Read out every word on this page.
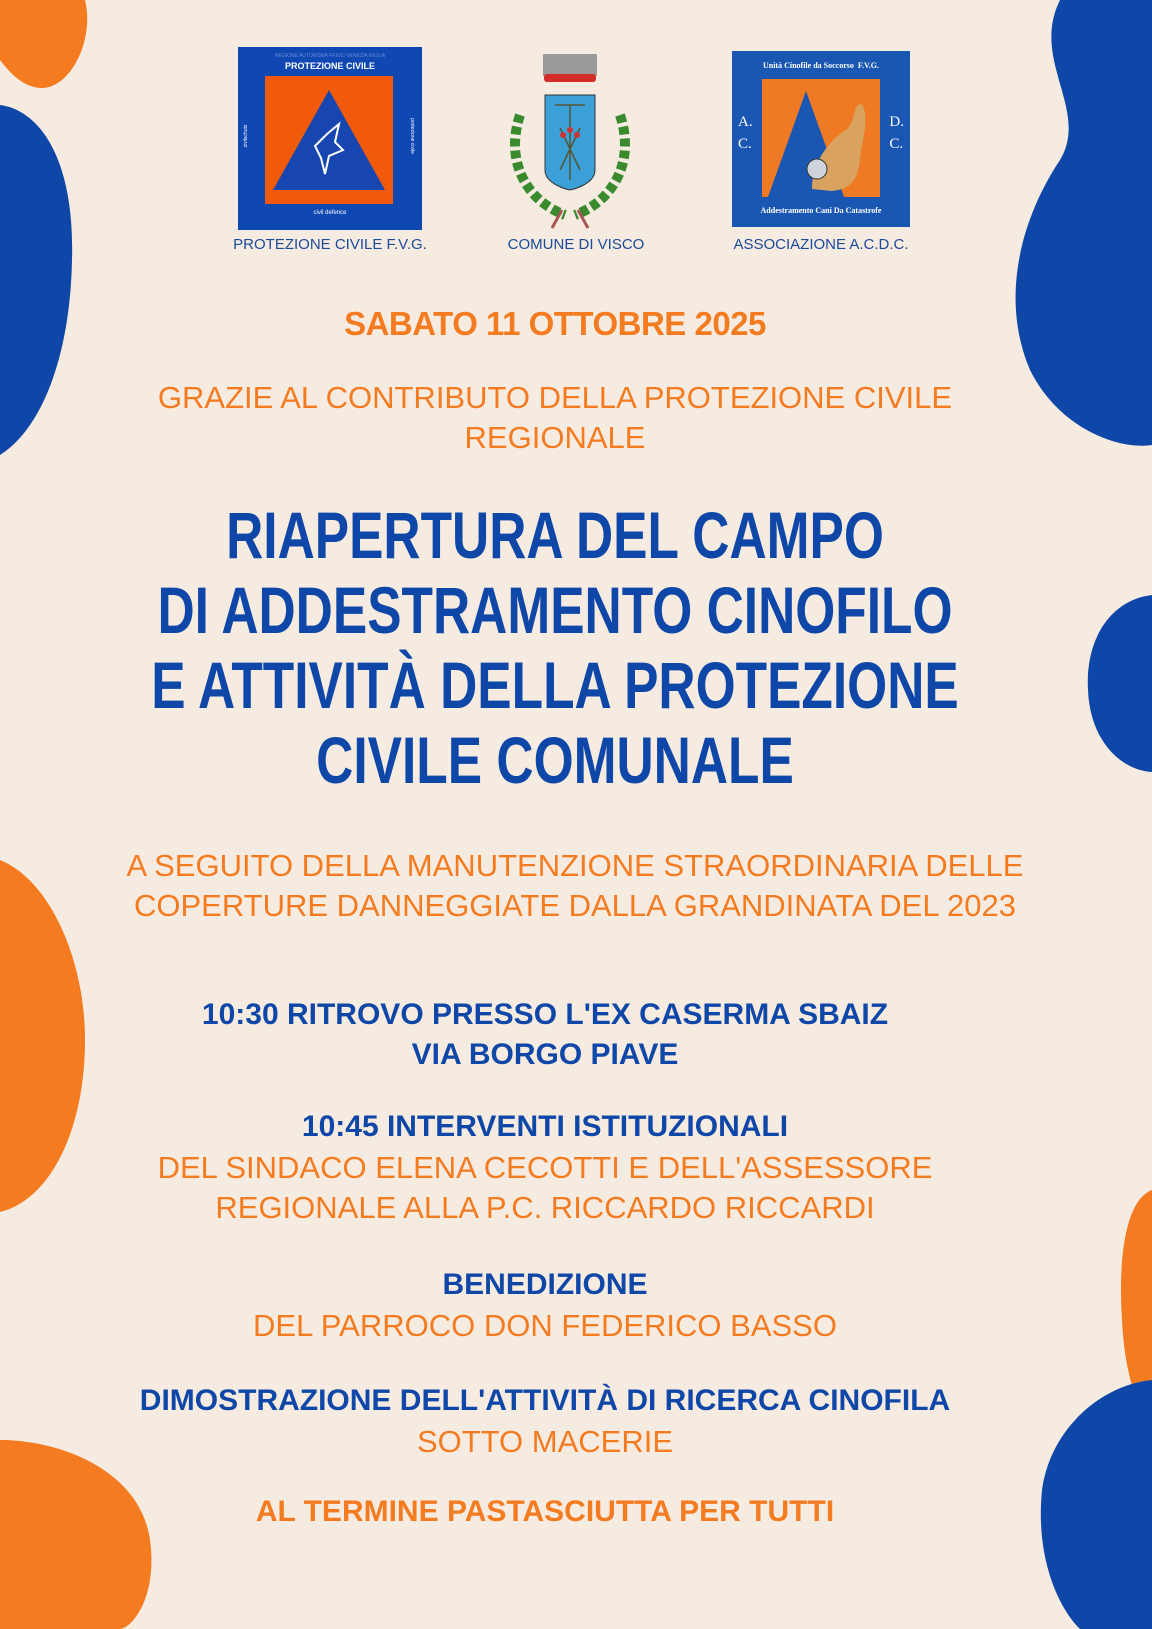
REGIONE AUTONOMA FRIULI VENEZIA GIULIA
PROTEZIONE CIVILE
zivilschutz	protezione civile
civil defence
PROTEZIONE CIVILE F.V.G.	COMUNE DI VISCO
Unità Cinofile da Soccorso  F.V.G.
A.
C.
D.
C.
Addestramento Cani Da Catastrofe
ASSOCIAZIONE A.C.D.C.
SABATO 11 OTTOBRE 2025
GRAZIE AL CONTRIBUTO DELLA PROTEZIONE CIVILE
REGIONALE
RIAPERTURA DEL CAMPO
DI ADDESTRAMENTO CINOFILO
E ATTIVITÀ DELLA PROTEZIONE
CIVILE COMUNALE
A SEGUITO DELLA MANUTENZIONE STRAORDINARIA DELLE
COPERTURE DANNEGGIATE DALLA GRANDINATA DEL 2023
10:30 RITROVO PRESSO L'EX CASERMA SBAIZ
VIA BORGO PIAVE
10:45 INTERVENTI ISTITUZIONALI
DEL SINDACO ELENA CECOTTI E DELL'ASSESSORE
REGIONALE ALLA P.C. RICCARDO RICCARDI
BENEDIZIONE
DEL PARROCO DON FEDERICO BASSO
DIMOSTRAZIONE DELL'ATTIVITÀ DI RICERCA CINOFILA
SOTTO MACERIE
AL TERMINE PASTASCIUTTA PER TUTTI
